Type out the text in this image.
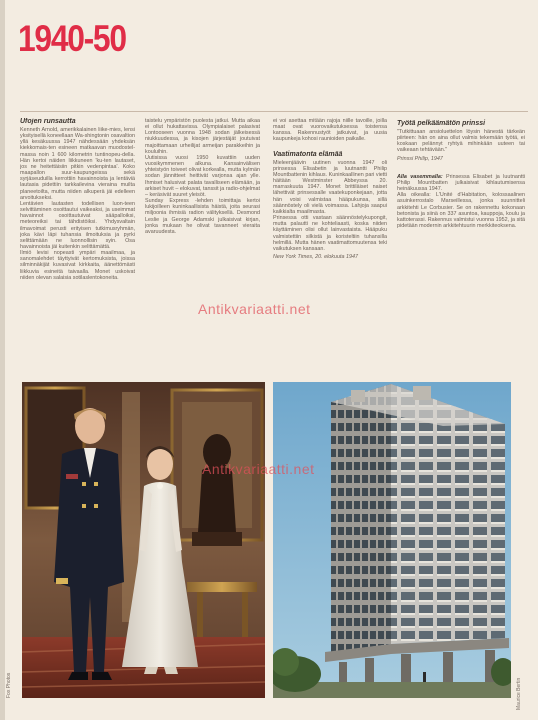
1940-50

Ufojen runsautta

Kenneth Arnold, amerikkalainen liike-mies, lensi yksityisellä koneellaan Wa-shingtonin osavaltion yllä kesäkuussa 1947 nähdessään yhdeksän kiekkomais-ten esineen matkaavan muodostel-massa noin 1 600 kilometrin tuntinopeu-della. Hän kertoi näiden liikkuneen 'ku-ten lautaset, jos ne heitettäisiin pitkin vedenpintaa'. Koko maapallon suur-kaupungeissa sekä syrjäseuduilla kerrottiin havainnoista ja lentäviä lautasia pidettiin tarkkailevina vieraina muilta planeetoilta, mutta niiden alkuperä jäi edelleen arvoitukseksi.

Lentävien lautasten todellisen luon-teen selvittäminen osoittautui vaikeaksi, ja useimmat havainnot osoittautuivat sääpalloiksi, meteoreiksi tai tähdistöiksi. Yhdysvaltain ilmavoimat perusti erityisen tutkimusryhmän, joka kävi läpi tuhansia ilmoituksia ja pyrki selittämään ne luonnollisin syin. Osa havainnoista jäi kuitenkin selittämättä.

Ilmiö levisi nopeasti ympäri maailmaa, ja sanomalehdet täyttyivät kertomuksista, joissa silminnäkijät kuvasivat kirkkaita, äänettömästi liikkuvia esineitä taivaalla. Monet uskoivat niiden olevan salaisia sotilaslentokoneita.

taistelu ympäristön puolesta jatkui. Mutta aikaa ei ollut hukattavissa. Olympialaiset palasivat Lontooseen vuonna 1948 sodan jälkeisessä niukkuudessa, ja kisojen järjestäjät joutuivat majoittamaan urheilijat armeijan parakkeihin ja kouluihin.

Uutisissa vuosi 1950 kuvattiin uuden vuosikymmenen alkuna. Kansainvälisen yhteistyön toiveet olivat korkealla, mutta kylmän sodan jännitteet heittivät varjonsa ajan ylle. Ihmiset halusivat palata tavalliseen elämään, ja arkiset huvit – elokuvat, tanssit ja radio-ohjelmat – keräsivät suuret yleisöt.

Sunday Express -lehden toimittaja kertoi lukijoilleen kuninkaallisista häistä, joita seurasi miljoonia ihmisiä radion välityksellä. Desmond Leslie ja George Adamski julkaisivat kirjan, jonka mukaan he olivat tavanneet vieraita avaruudesta.

ei voi asettaa mitään rajoja niille tavoille, joilla maat ovat vuorovaikutuksessa toistensa kanssa. Rakennustyöt jatkuivat, ja uusia kaupunkeja kohosi raunioiden paikalle.

Vaatimatonta elämää

Mieleenjäävin uutinen vuonna 1947 oli prinsessa Elisabetin ja luutnantti Philip Mountbattenin kihlaus. Kuninkaallinen pari vietti häitään Westminster Abbeyssa 20. marraskuuta 1947. Monet brittiläiset naiset lähettivät prinsessalle vaatekuponkejaan, jotta hän voisi valmistaa hääpukunsa, sillä säännöstely oli vielä voimassa. Lahjoja saapui kaikkialta maailmasta.

Prinsessa otti vastaan säännöstelykupongit, mutta palautti ne kohteliaasti, koska niiden käyttäminen olisi ollut lainvastaista. Hääpuku valmistettiin silkistä ja koristeltiin tuhansilla helmillä. Mutta hänen vaatimattomuutensa teki vaikutuksen kansaan.

New York Times, 20. elokuuta 1947

Työtä pelkäämätön prinssi

"Tutkittuaan ansioluettelon löysin hänestä tärkeän piirteen: hän on aina ollut valmis tekemään työtä, ei koskaan pelännyt ryhtyä mihinkään uuteen tai vaikeaan tehtävään."

Prinssi Philip, 1947

Alla vasemmalla: Prinsessa Elisabet ja luutnantti Philip Mountbatten julkaisivat kihlautumisensa heinäkuussa 1947.

Alla oikealla: L'Unité d'Habitation, kolossaalinen asuinkerrostalo Marseillessa, jonka suunnitteli arkkitehti Le Corbusier. Se on rakennettu kokonaan betonista ja siinä on 337 asuntoa, kauppoja, koulu ja kattoterassi. Rakennus valmistui vuonna 1952, ja sitä pidetään modernin arkkitehtuurin merkkiteoksena.

Fox Photos	Maurice Bertin
Antikvariaatti.net
Antikvariaatti.net
